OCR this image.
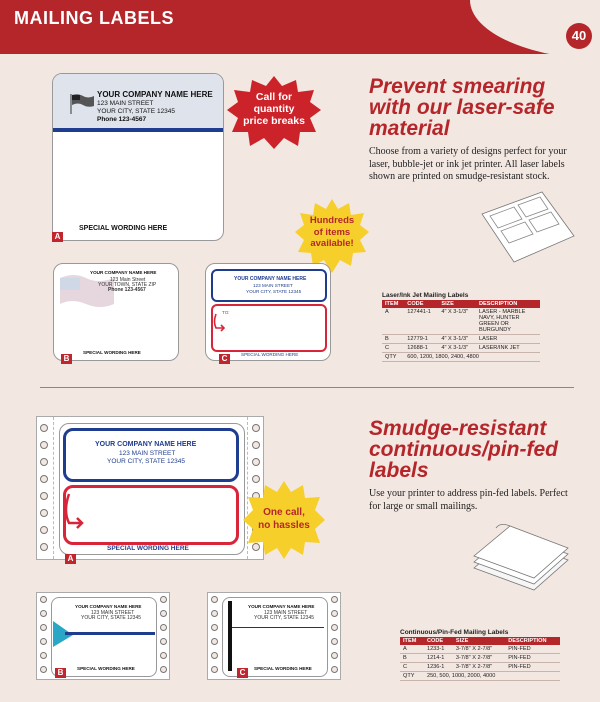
MAILING LABELS
40
YOUR COMPANY NAME HERE
123 MAIN STREET
YOUR CITY, STATE 12345
Phone 123-4567
SPECIAL WORDING HERE
A
Call for
quantity
price breaks
Hundreds
of items
available!
YOUR COMPANY NAME HERE
123 Main Street
YOUR TOWN, STATE ZIP
Phone 123-4567
SPECIAL WORDING HERE
B
YOUR COMPANY NAME HERE
123 MAIN STREET
YOUR CITY, STATE 12345
TO:
SPECIAL WORDING HERE
C
Prevent smearing
with our laser-safe
material
Choose from a variety of designs perfect for your laser, bubble-jet or ink jet printer. All laser labels shown are printed on smudge-resistant stock.
Laser/Ink Jet Mailing Labels
ITEM	CODE	SIZE	DESCRIPTION
A	127441-1	4" X 3-1/3"	LASER - MARBLE NAVY, HUNTER GREEN OR BURGUNDY
B	12779-1	4" X 3-1/3"	LASER
C	12688-1	4" X 3-1/3"	LASER/INK JET
QTY	600, 1200, 1800, 2400, 4800		
YOUR COMPANY NAME HERE
123 MAIN STREET
YOUR CITY, STATE 12345
SPECIAL WORDING HERE
A
One call,
no hassles
Smudge-resistant
continuous/pin-fed
labels
Use your printer to address pin-fed labels. Perfect for large or small mailings.
YOUR COMPANY NAME HERE
123 MAIN STREET
YOUR CITY, STATE 12345
SPECIAL WORDING HERE
B
YOUR COMPANY NAME HERE
123 MAIN STREET
YOUR CITY, STATE 12345
SPECIAL WORDING HERE
C
Continuous/Pin-Fed Mailing Labels
ITEM	CODE	SIZE	DESCRIPTION
A	1233-1	3-7/8" X 2-7/8"	PIN-FED
B	1214-1	3-7/8" X 2-7/8"	PIN-FED
C	1236-1	3-7/8" X 2-7/8"	PIN-FED
QTY	250, 500, 1000, 2000, 4000		
